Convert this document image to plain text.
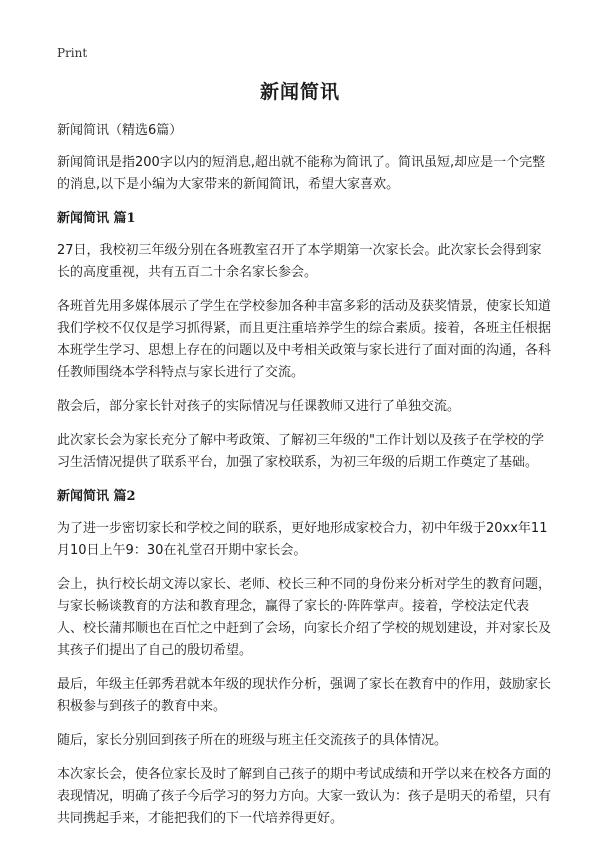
Print
新闻简讯

新闻简讯（精选6篇）

新闻简讯是指200字以内的短消息,超出就不能称为简讯了。简讯虽短,却应是一个完整的消息,以下是小编为大家带来的新闻简讯，希望大家喜欢。

新闻简讯 篇1

27日，我校初三年级分别在各班教室召开了本学期第一次家长会。此次家长会得到家长的高度重视，共有五百二十余名家长参会。

各班首先用多媒体展示了学生在学校参加各种丰富多彩的活动及获奖情景，使家长知道我们学校不仅仅是学习抓得紧，而且更注重培养学生的综合素质。接着，各班主任根据本班学生学习、思想上存在的问题以及中考相关政策与家长进行了面对面的沟通，各科任教师围绕本学科特点与家长进行了交流。

散会后，部分家长针对孩子的实际情况与任课教师又进行了单独交流。

此次家长会为家长充分了解中考政策、了解初三年级的"工作计划以及孩子在学校的学习生活情况提供了联系平台，加强了家校联系，为初三年级的后期工作奠定了基础。

新闻简讯 篇2

为了进一步密切家长和学校之间的联系，更好地形成家校合力，初中年级于20xx年11月10日上午9：30在礼堂召开期中家长会。

会上，执行校长胡文涛以家长、老师、校长三种不同的身份来分析对学生的教育问题，与家长畅谈教育的方法和教育理念，赢得了家长的·阵阵掌声。接着，学校法定代表人、校长蒲邦顺也在百忙之中赶到了会场，向家长介绍了学校的规划建设，并对家长及其孩子们提出了自己的殷切希望。

最后，年级主任郭秀君就本年级的现状作分析，强调了家长在教育中的作用，鼓励家长积极参与到孩子的教育中来。

随后，家长分别回到孩子所在的班级与班主任交流孩子的具体情况。

本次家长会，使各位家长及时了解到自己孩子的期中考试成绩和开学以来在校各方面的表现情况，明确了孩子今后学习的努力方向。大家一致认为：孩子是明天的希望，只有共同携起手来，才能把我们的下一代培养得更好。
